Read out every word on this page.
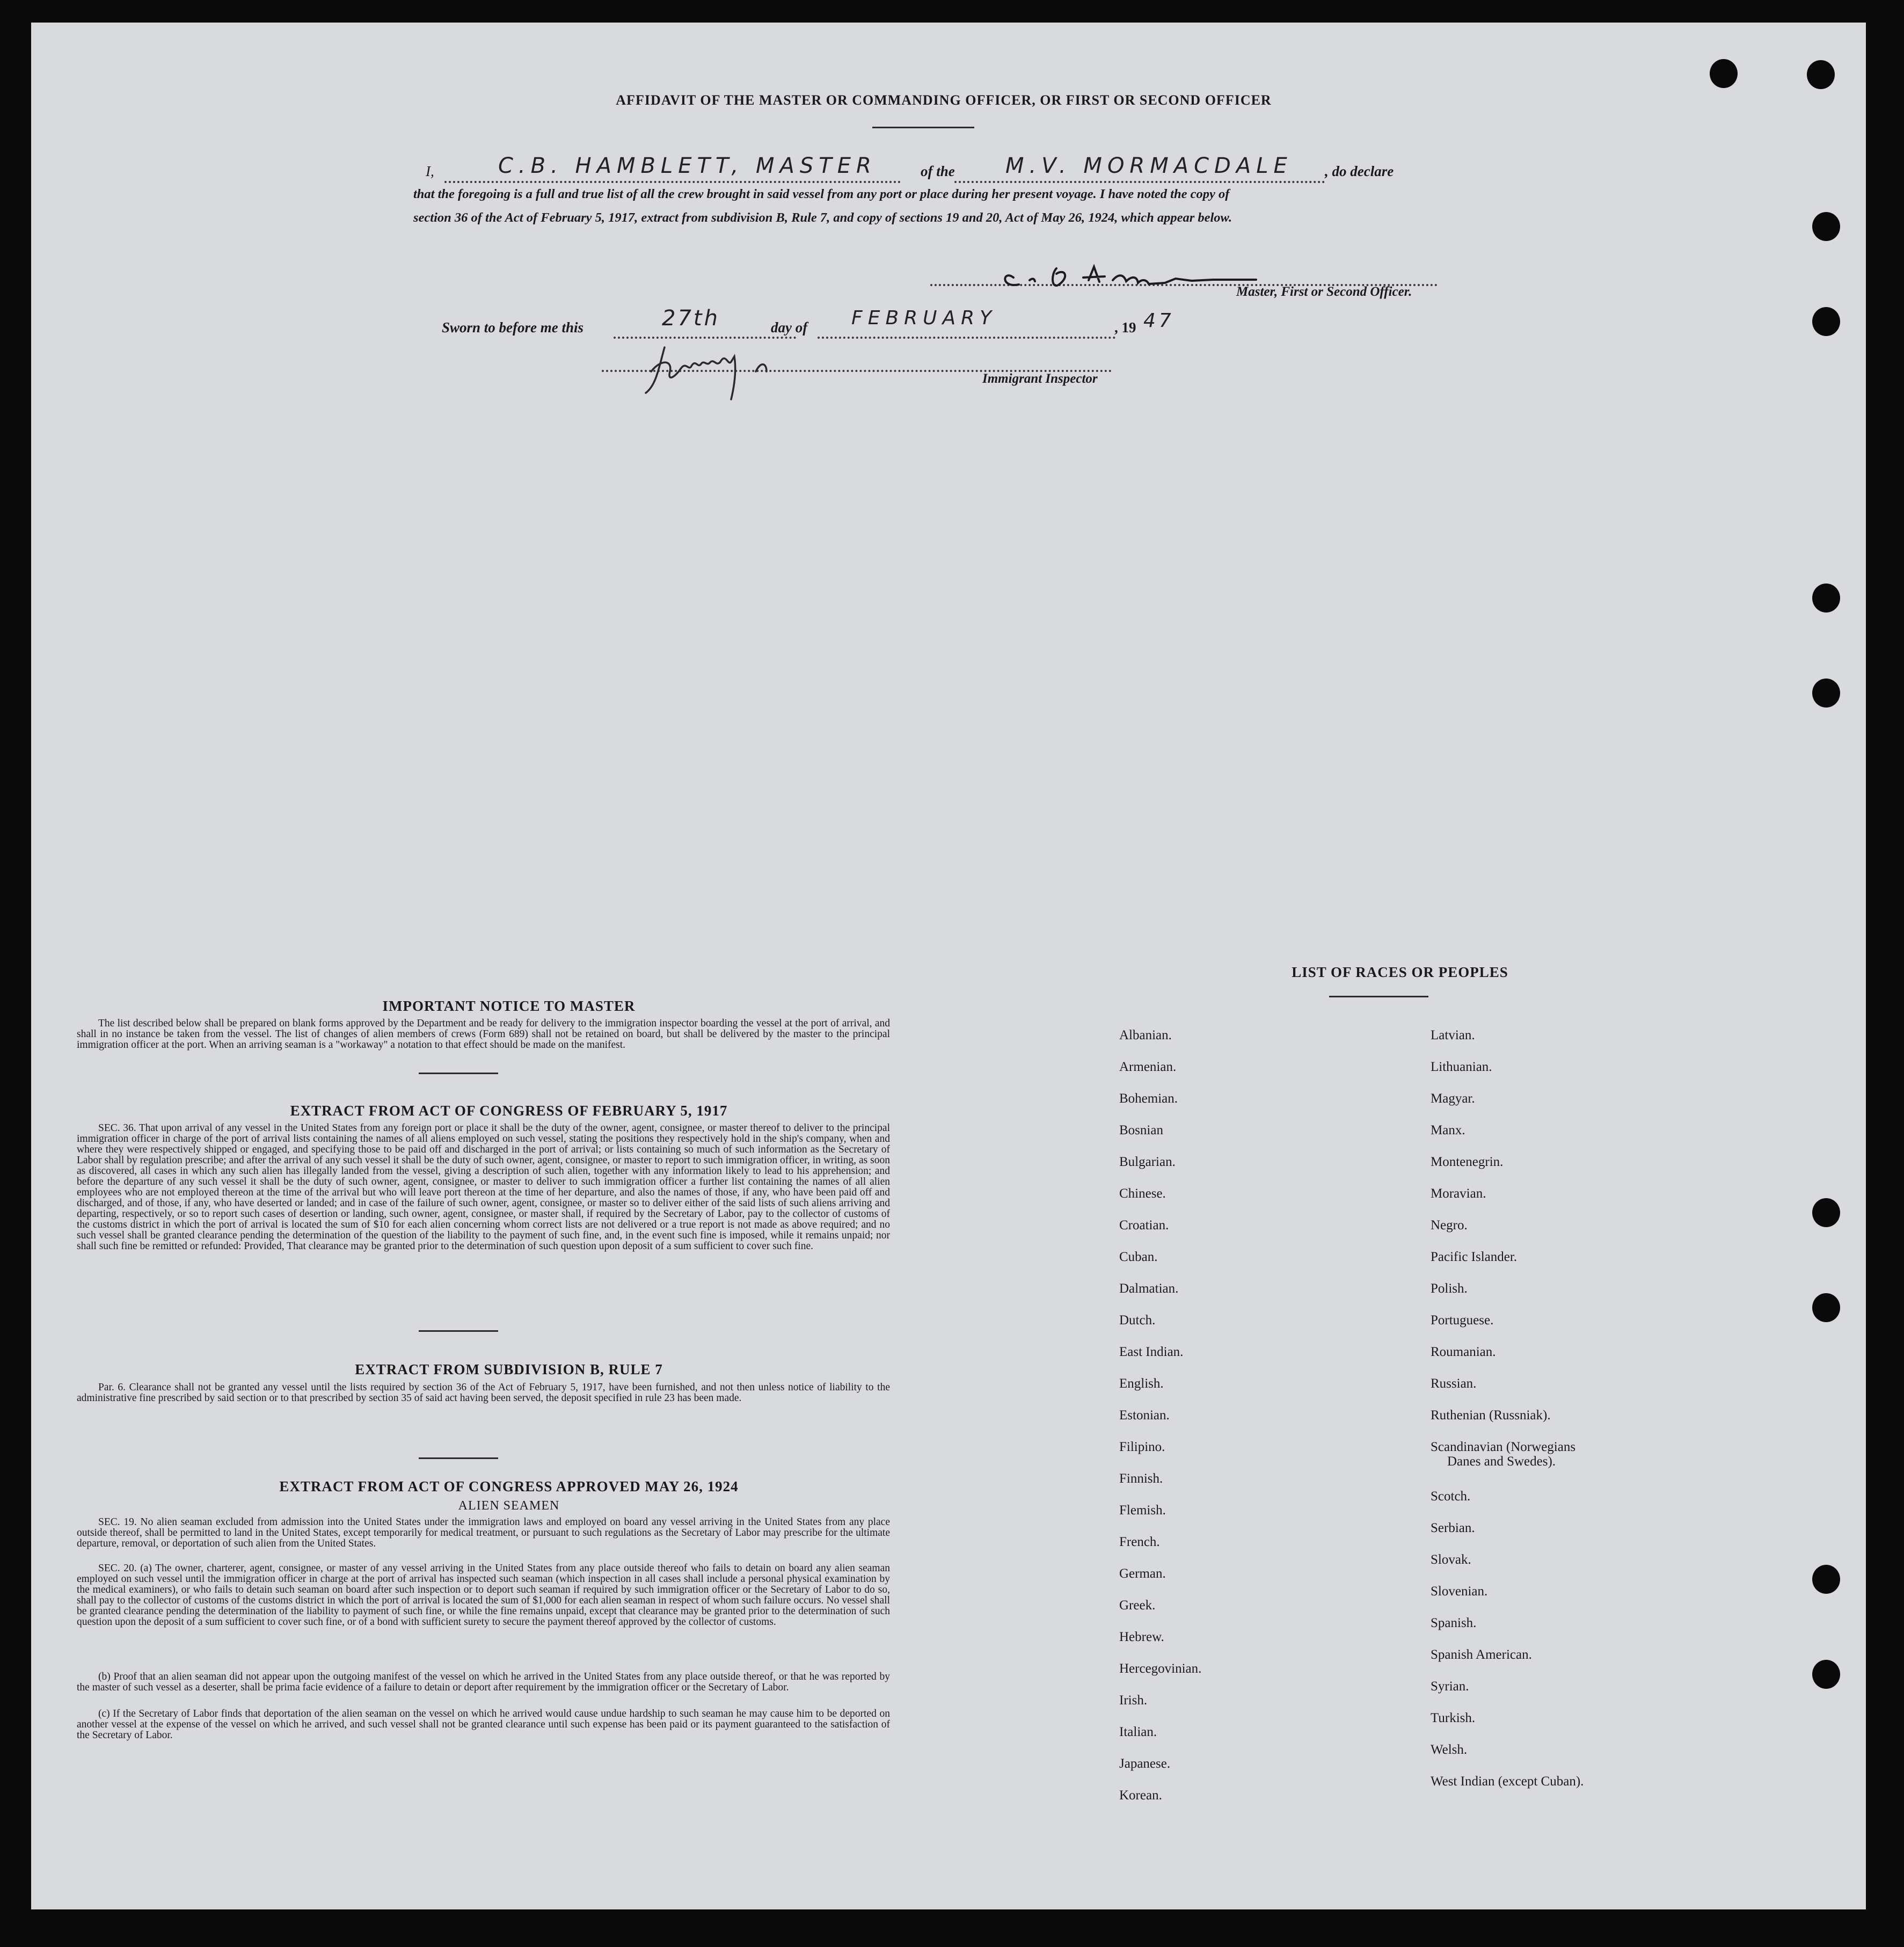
AFFIDAVIT OF THE MASTER OR COMMANDING OFFICER, OR FIRST OR SECOND OFFICER
I,	C.B. HAMBLETT, MASTER	of the M.V. MORMACDALE , do declare
that the foregoing is a full and true list of all the crew brought in said vessel from any port or place during her present voyage. I have noted the copy of
section 36 of the Act of February 5, 1917, extract from subdivision B, Rule 7, and copy of sections 19 and 20, Act of May 26, 1924, which appear below.
Master, First or Second Officer.
Sworn to before me this	27th	day of FEBRUARY	, 19 47
Immigrant Inspector
IMPORTANT NOTICE TO MASTER
The list described below shall be prepared on blank forms approved by the Department and be ready for delivery to the immigration inspector boarding the vessel at the port of arrival, and shall in no instance be taken from the vessel. The list of changes of alien members of crews (Form 689) shall not be retained on board, but shall be delivered by the master to the principal immigration officer at the port. When an arriving seaman is a "workaway" a notation to that effect should be made on the manifest.
EXTRACT FROM ACT OF CONGRESS OF FEBRUARY 5, 1917
SEC. 36. That upon arrival of any vessel in the United States from any foreign port or place it shall be the duty of the owner, agent, consignee, or master thereof to deliver to the principal immigration officer in charge of the port of arrival lists containing the names of all aliens employed on such vessel, stating the positions they respectively hold in the ship's company, when and where they were respectively shipped or engaged, and specifying those to be paid off and discharged in the port of arrival; or lists containing so much of such information as the Secretary of Labor shall by regulation prescribe; and after the arrival of any such vessel it shall be the duty of such owner, agent, consignee, or master to report to such immigration officer, in writing, as soon as discovered, all cases in which any such alien has illegally landed from the vessel, giving a description of such alien, together with any information likely to lead to his apprehension; and before the departure of any such vessel it shall be the duty of such owner, agent, consignee, or master to deliver to such immigration officer a further list containing the names of all alien employees who are not employed thereon at the time of the arrival but who will leave port thereon at the time of her departure, and also the names of those, if any, who have been paid off and discharged, and of those, if any, who have deserted or landed; and in case of the failure of such owner, agent, consignee, or master so to deliver either of the said lists of such aliens arriving and departing, respectively, or so to report such cases of desertion or landing, such owner, agent, consignee, or master shall, if required by the Secretary of Labor, pay to the collector of customs of the customs district in which the port of arrival is located the sum of $10 for each alien concerning whom correct lists are not delivered or a true report is not made as above required; and no such vessel shall be granted clearance pending the determination of the question of the liability to the payment of such fine, and, in the event such fine is imposed, while it remains unpaid; nor shall such fine be remitted or refunded: Provided, That clearance may be granted prior to the determination of such question upon deposit of a sum sufficient to cover such fine.
EXTRACT FROM SUBDIVISION B, RULE 7
Par. 6. Clearance shall not be granted any vessel until the lists required by section 36 of the Act of February 5, 1917, have been furnished, and not then unless notice of liability to the administrative fine prescribed by said section or to that prescribed by section 35 of said act having been served, the deposit specified in rule 23 has been made.
EXTRACT FROM ACT OF CONGRESS APPROVED MAY 26, 1924
ALIEN SEAMEN
SEC. 19. No alien seaman excluded from admission into the United States under the immigration laws and employed on board any vessel arriving in the United States from any place outside thereof, shall be permitted to land in the United States, except temporarily for medical treatment, or pursuant to such regulations as the Secretary of Labor may prescribe for the ultimate departure, removal, or deportation of such alien from the United States.
SEC. 20. (a) The owner, charterer, agent, consignee, or master of any vessel arriving in the United States from any place outside thereof who fails to detain on board any alien seaman employed on such vessel until the immigration officer in charge at the port of arrival has inspected such seaman (which inspection in all cases shall include a personal physical examination by the medical examiners), or who fails to detain such seaman on board after such inspection or to deport such seaman if required by such immigration officer or the Secretary of Labor to do so, shall pay to the collector of customs of the customs district in which the port of arrival is located the sum of $1,000 for each alien seaman in respect of whom such failure occurs. No vessel shall be granted clearance pending the determination of the liability to payment of such fine, or while the fine remains unpaid, except that clearance may be granted prior to the determination of such question upon the deposit of a sum sufficient to cover such fine, or of a bond with sufficient surety to secure the payment thereof approved by the collector of customs.
(b) Proof that an alien seaman did not appear upon the outgoing manifest of the vessel on which he arrived in the United States from any place outside thereof, or that he was reported by the master of such vessel as a deserter, shall be prima facie evidence of a failure to detain or deport after requirement by the immigration officer or the Secretary of Labor.
(c) If the Secretary of Labor finds that deportation of the alien seaman on the vessel on which he arrived would cause undue hardship to such seaman he may cause him to be deported on another vessel at the expense of the vessel on which he arrived, and such vessel shall not be granted clearance until such expense has been paid or its payment guaranteed to the satisfaction of the Secretary of Labor.
LIST OF RACES OR PEOPLES
Albanian.
Armenian.
Bohemian.
Bosnian
Bulgarian.
Chinese.
Croatian.
Cuban.
Dalmatian.
Dutch.
East Indian.
English.
Estonian.
Filipino.
Finnish.
Flemish.
French.
German.
Greek.
Hebrew.
Hercegovinian.
Irish.
Italian.
Japanese.
Korean.
Latvian.
Lithuanian.
Magyar.
Manx.
Montenegrin.
Moravian.
Negro.
Pacific Islander.
Polish.
Portuguese.
Roumanian.
Russian.
Ruthenian (Russniak).
Scandinavian (Norwegians
Danes and Swedes).
Scotch.
Serbian.
Slovak.
Slovenian.
Spanish.
Spanish American.
Syrian.
Turkish.
Welsh.
West Indian (except Cuban).
